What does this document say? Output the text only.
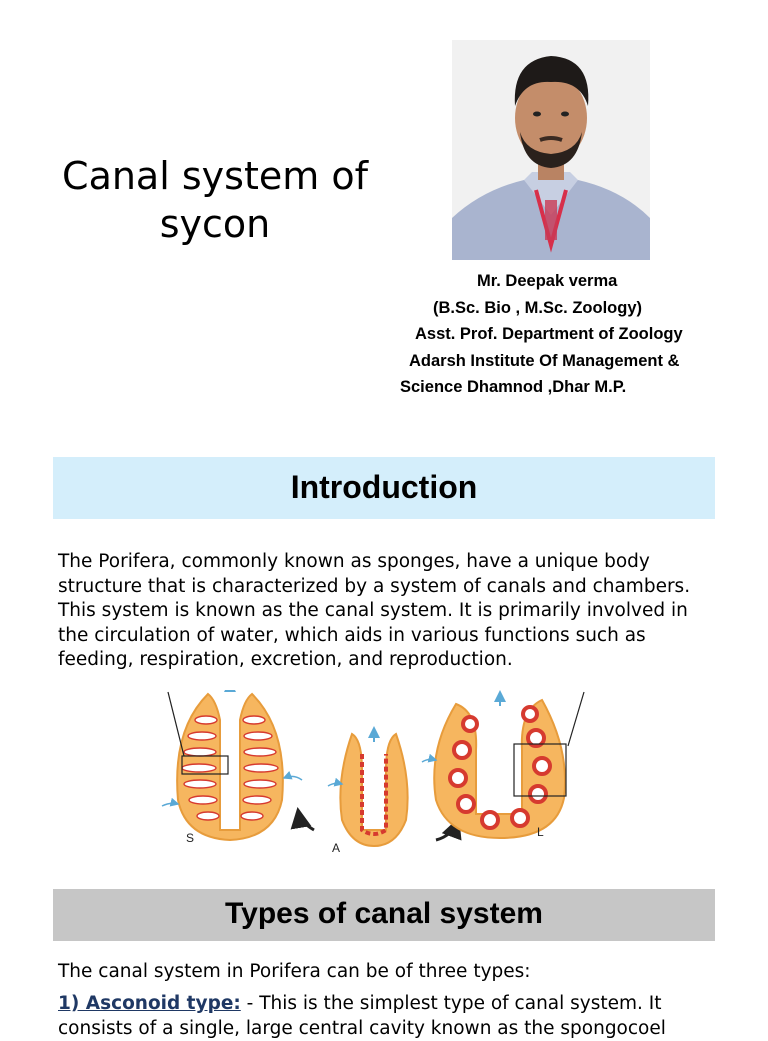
Canal system of
sycon
Mr. Deepak verma
(B.Sc. Bio , M.Sc. Zoology)
Asst. Prof. Department of Zoology
Adarsh Institute Of Management &
Science Dhamnod ,Dhar M.P.
Introduction
The Porifera, commonly known as sponges, have a unique body structure that is characterized by a system of canals and chambers. This system is known as the canal system. It is primarily involved in the circulation of water, which aids in various functions such as feeding, respiration, excretion, and reproduction.
S
A
L
Types of canal system
The canal system in Porifera can be of three types:
1) Asconoid type: - This is the simplest type of canal system. It consists of a single, large central cavity known as the spongocoel
